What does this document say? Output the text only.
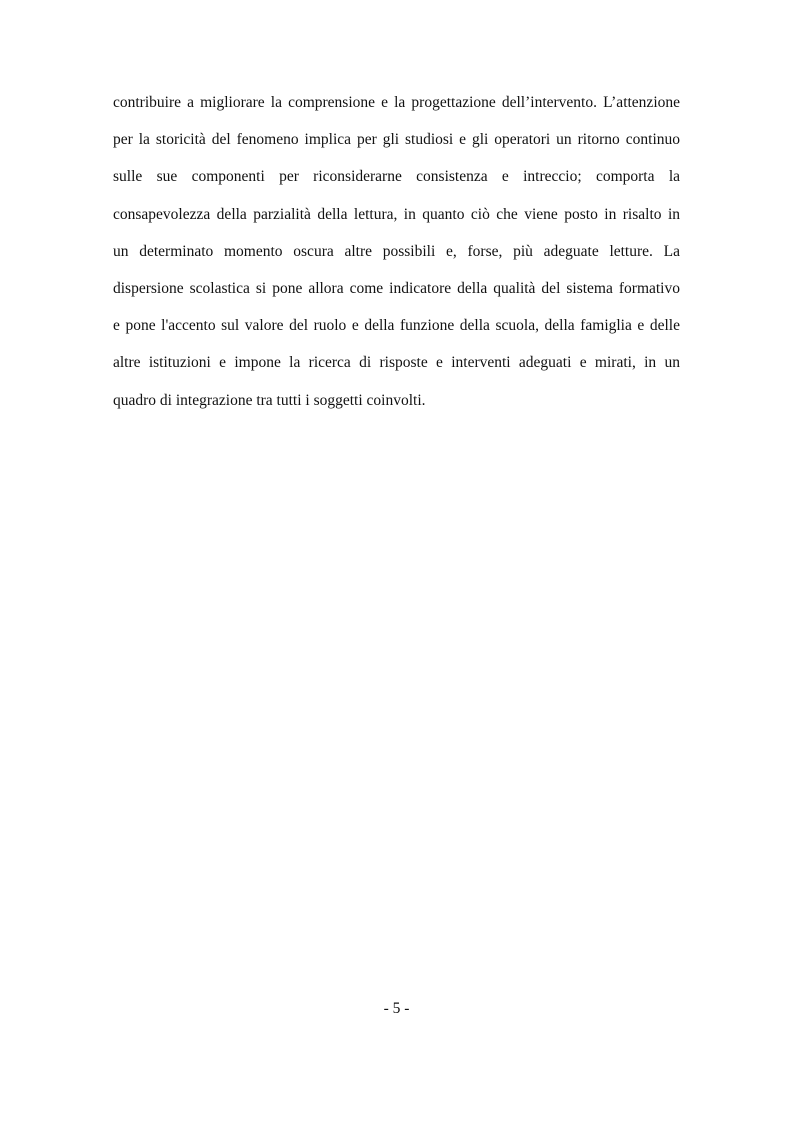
contribuire a migliorare la comprensione e la progettazione dell’intervento. L’attenzione
per la storicità del fenomeno implica per gli studiosi e gli operatori un ritorno continuo
sulle sue componenti per riconsiderarne consistenza e intreccio; comporta la
consapevolezza della parzialità della lettura, in quanto ciò che viene posto in risalto in
un determinato momento oscura altre possibili e, forse, più adeguate letture. La
dispersione scolastica si pone allora come indicatore della qualità del sistema formativo
e pone l'accento sul valore del ruolo e della funzione della scuola, della famiglia e delle
altre istituzioni e impone la ricerca di risposte e interventi adeguati e mirati, in un
quadro di integrazione tra tutti i soggetti coinvolti.
- 5 -
